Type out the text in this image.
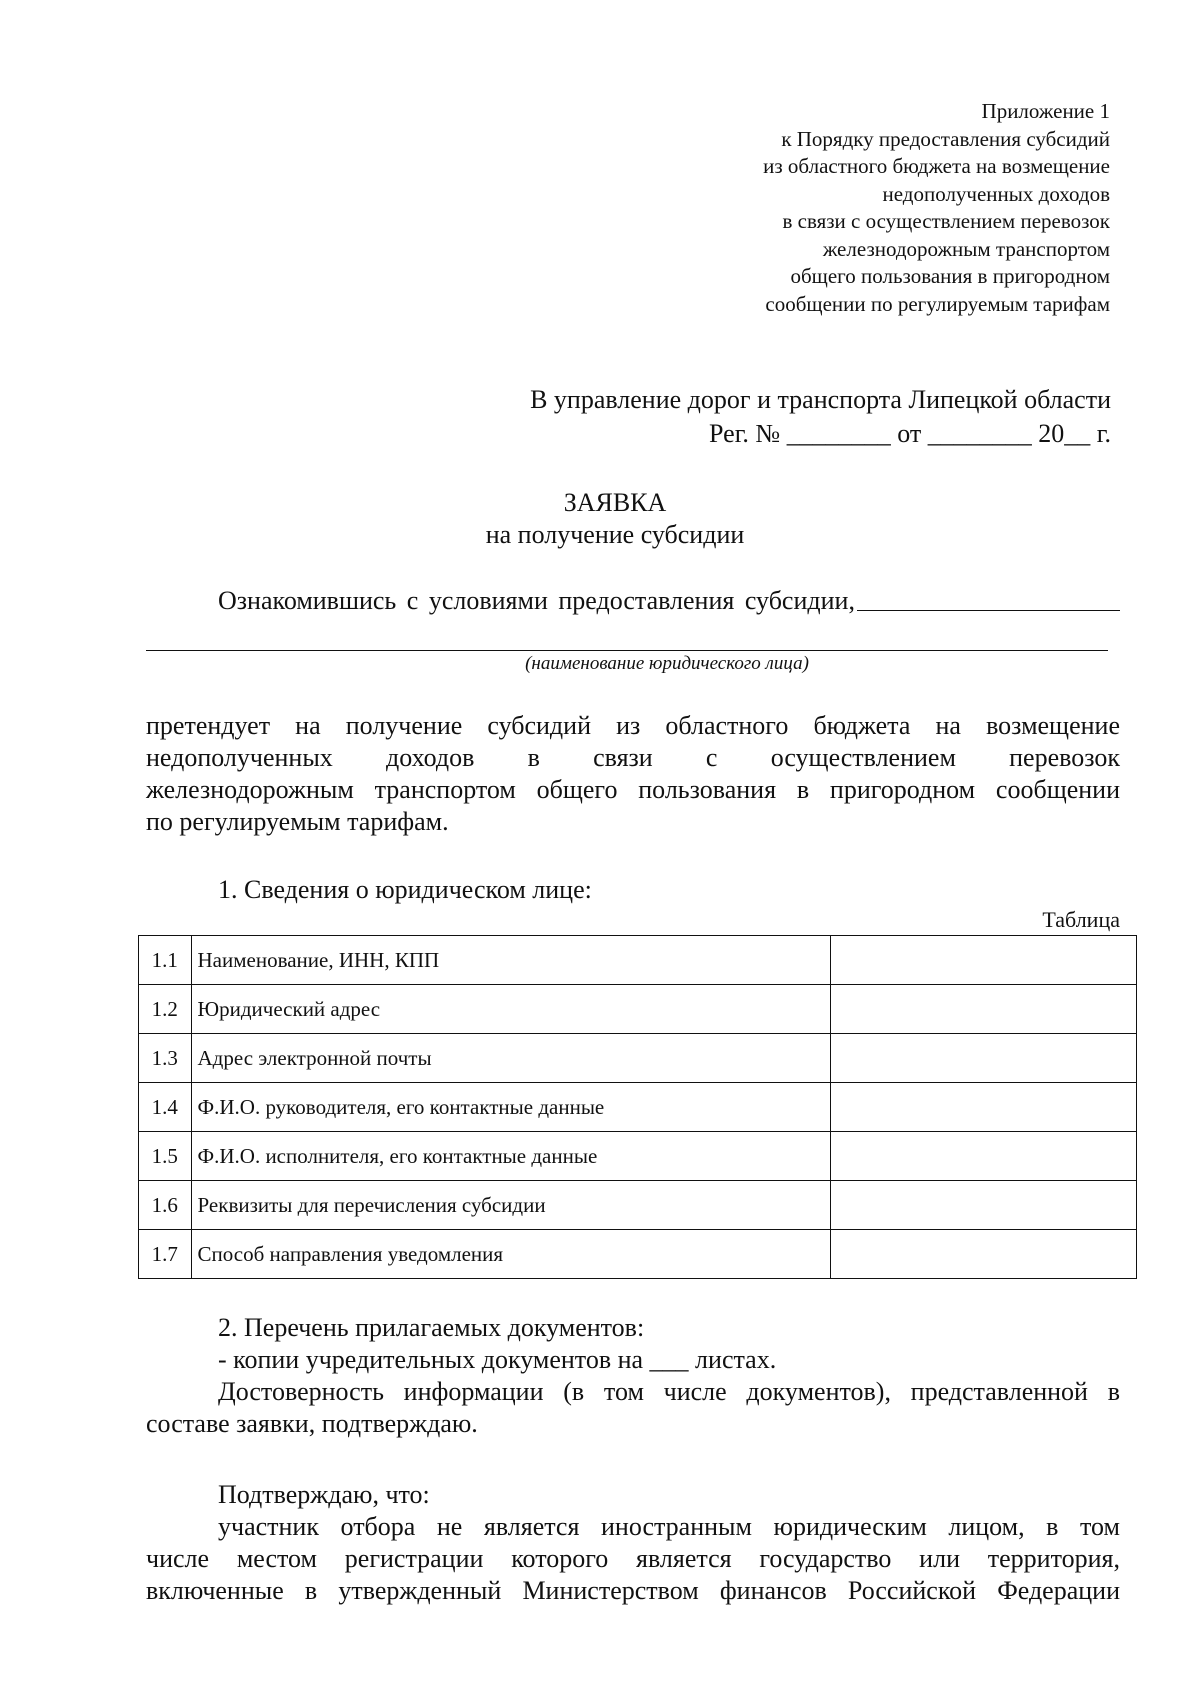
Приложение 1
к Порядку предоставления субсидий
из областного бюджета на возмещение
недополученных доходов
в связи с осуществлением перевозок
железнодорожным транспортом
общего пользования в пригородном
сообщении по регулируемым тарифам
В управление дорог и транспорта Липецкой области
Рег. № ________ от ________ 20__ г.
ЗАЯВКА
на получение субсидии
Ознакомившись с условиями предоставления субсидии,
(наименование юридического лица)
претендует на получение субсидий из областного бюджета на возмещение
недополученных доходов в связи с осуществлением перевозок
железнодорожным транспортом общего пользования в пригородном сообщении
по регулируемым тарифам.
1. Сведения о юридическом лице:
Таблица
1.1	Наименование, ИНН, КПП	
1.2	Юридический адрес	
1.3	Адрес электронной почты	
1.4	Ф.И.О. руководителя, его контактные данные	
1.5	Ф.И.О. исполнителя, его контактные данные	
1.6	Реквизиты для перечисления субсидии	
1.7	Способ направления уведомления	
2. Перечень прилагаемых документов:
- копии учредительных документов на ___ листах.
Достоверность информации (в том числе документов), представленной в
составе заявки, подтверждаю.
Подтверждаю, что:
участник отбора не является иностранным юридическим лицом, в том
числе местом регистрации которого является государство или территория,
включенные в утвержденный Министерством финансов Российской Федерации
